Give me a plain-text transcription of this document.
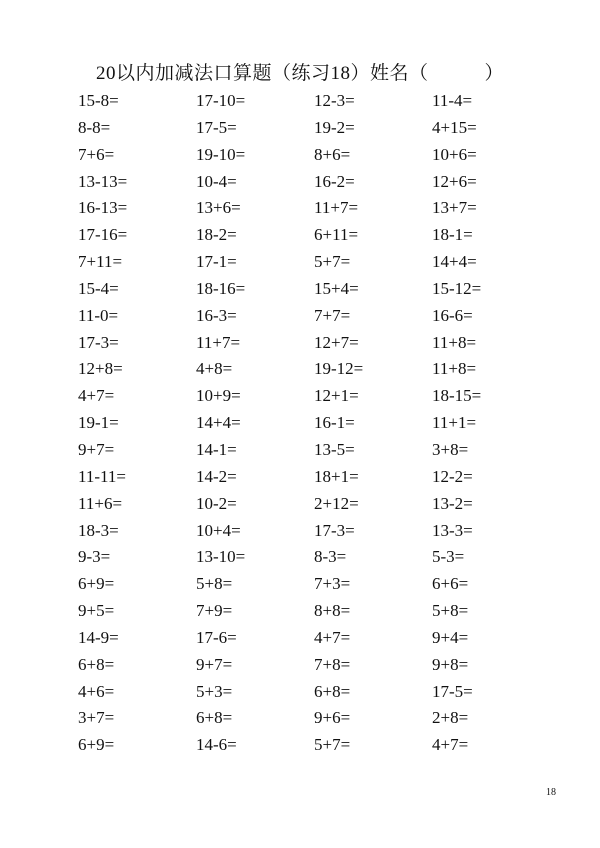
20以内加减法口算题（练习18）姓名（	）
15-8=	17-10=	12-3=	11-4=
8-8=	17-5=	19-2=	4+15=
7+6=	19-10=	8+6=	10+6=
13-13=	10-4=	16-2=	12+6=
16-13=	13+6=	11+7=	13+7=
17-16=	18-2=	6+11=	18-1=
7+11=	17-1=	5+7=	14+4=
15-4=	18-16=	15+4=	15-12=
11-0=	16-3=	7+7=	16-6=
17-3=	11+7=	12+7=	11+8=
12+8=	4+8=	19-12=	11+8=
4+7=	10+9=	12+1=	18-15=
19-1=	14+4=	16-1=	11+1=
9+7=	14-1=	13-5=	3+8=
11-11=	14-2=	18+1=	12-2=
11+6=	10-2=	2+12=	13-2=
18-3=	10+4=	17-3=	13-3=
9-3=	13-10=	8-3=	5-3=
6+9=	5+8=	7+3=	6+6=
9+5=	7+9=	8+8=	5+8=
14-9=	17-6=	4+7=	9+4=
6+8=	9+7=	7+8=	9+8=
4+6=	5+3=	6+8=	17-5=
3+7=	6+8=	9+6=	2+8=
6+9=	14-6=	5+7=	4+7=
18
